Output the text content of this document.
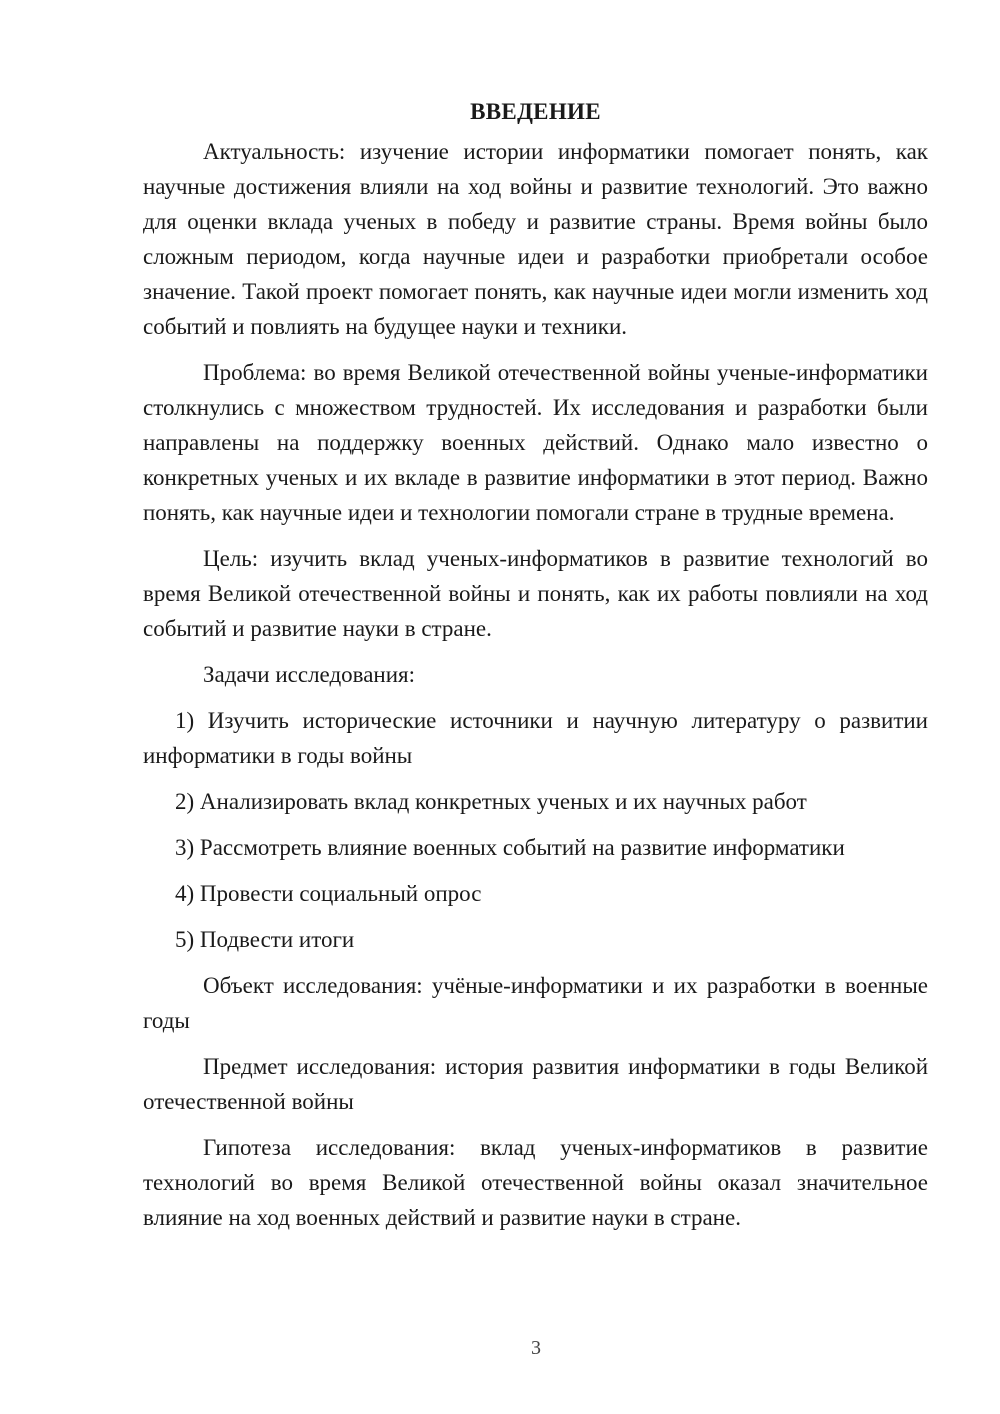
ВВЕДЕНИЕ

Актуальность: изучение истории информатики помогает понять, как научные достижения влияли на ход войны и развитие технологий. Это важно для оценки вклада ученых в победу и развитие страны. Время войны было сложным периодом, когда научные идеи и разработки приобретали особое значение. Такой проект помогает понять, как научные идеи могли изменить ход событий и повлиять на будущее науки и техники.

Проблема: во время Великой отечественной войны ученые-информатики столкнулись с множеством трудностей. Их исследования и разработки были направлены на поддержку военных действий. Однако мало известно о конкретных ученых и их вкладе в развитие информатики в этот период. Важно понять, как научные идеи и технологии помогали стране в трудные времена.

Цель: изучить вклад ученых-информатиков в развитие технологий во время Великой отечественной войны и понять, как их работы повлияли на ход событий и развитие науки в стране.

Задачи исследования:

1) Изучить исторические источники и научную литературу о развитии информатики в годы войны

2) Анализировать вклад конкретных ученых и их научных работ

3) Рассмотреть влияние военных событий на развитие информатики

4) Провести социальный опрос

5) Подвести итоги

Объект исследования: учёные-информатики и их разработки в военные годы

Предмет исследования: история развития информатики в годы Великой отечественной войны

Гипотеза исследования: вклад ученых-информатиков в развитие технологий во время Великой отечественной войны оказал значительное влияние на ход военных действий и развитие науки в стране.

3
